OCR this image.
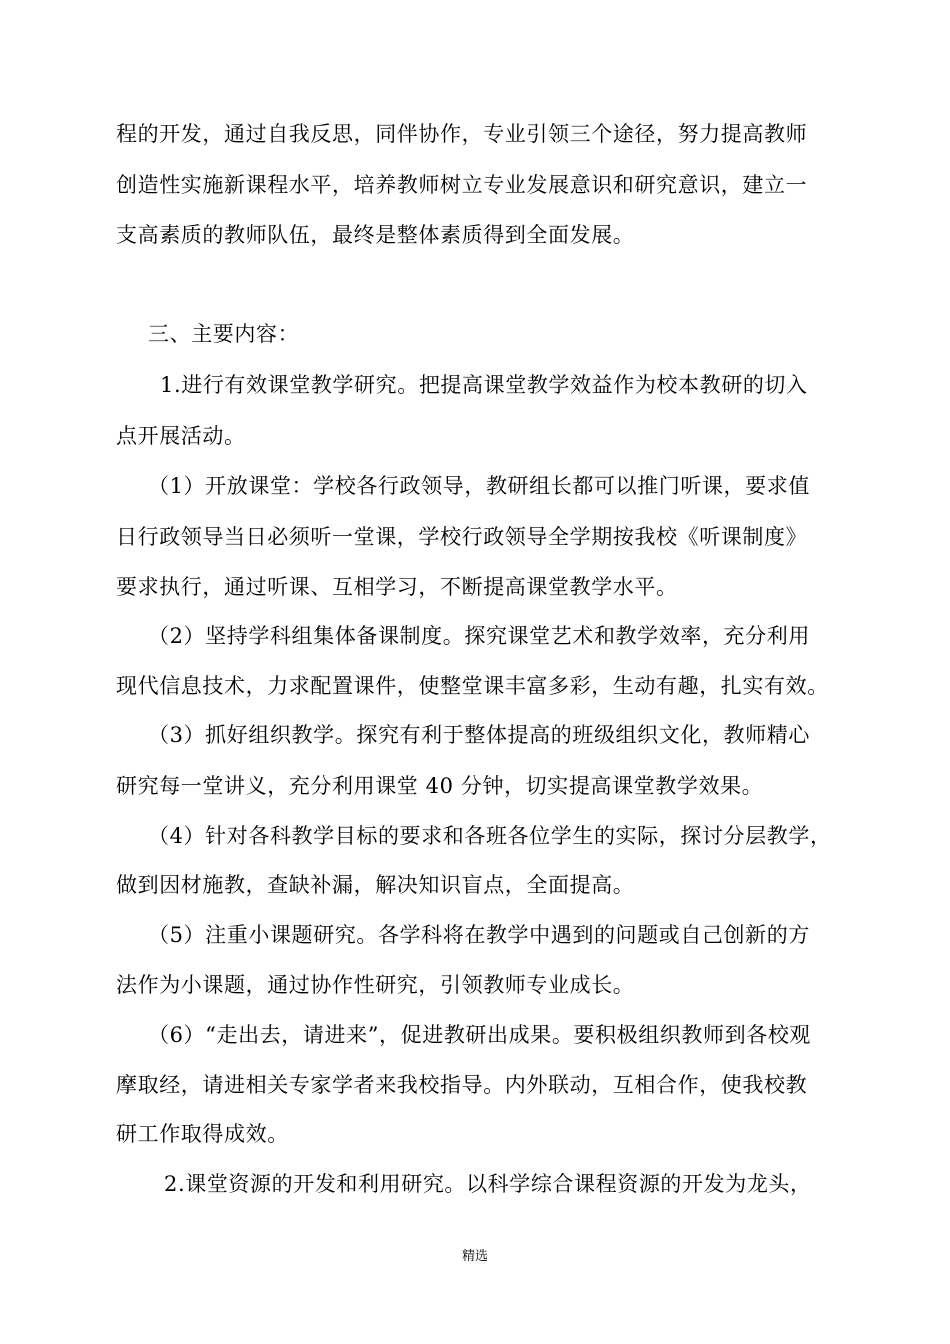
程的开发，通过自我反思，同伴协作，专业引领三个途径，努力提高教师
创造性实施新课程水平，培养教师树立专业发展意识和研究意识，建立一
支高素质的教师队伍，最终是整体素质得到全面发展。
三、主要内容：
1.进行有效课堂教学研究。把提高课堂教学效益作为校本教研的切入
点开展活动。
（1）开放课堂：学校各行政领导，教研组长都可以推门听课，要求值
日行政领导当日必须听一堂课，学校行政领导全学期按我校《听课制度》
要求执行，通过听课、互相学习，不断提高课堂教学水平。
（2）坚持学科组集体备课制度。探究课堂艺术和教学效率，充分利用
现代信息技术，力求配置课件，使整堂课丰富多彩，生动有趣，扎实有效。
（3）抓好组织教学。探究有利于整体提高的班级组织文化，教师精心
研究每一堂讲义，充分利用课堂 40 分钟，切实提高课堂教学效果。
（4）针对各科教学目标的要求和各班各位学生的实际，探讨分层教学，
做到因材施教，查缺补漏，解决知识盲点，全面提高。
（5）注重小课题研究。各学科将在教学中遇到的问题或自己创新的方
法作为小课题，通过协作性研究，引领教师专业成长。
（6）“走出去，请进来”，促进教研出成果。要积极组织教师到各校观
摩取经，请进相关专家学者来我校指导。内外联动，互相合作，使我校教
研工作取得成效。
2.课堂资源的开发和利用研究。以科学综合课程资源的开发为龙头，
精选
